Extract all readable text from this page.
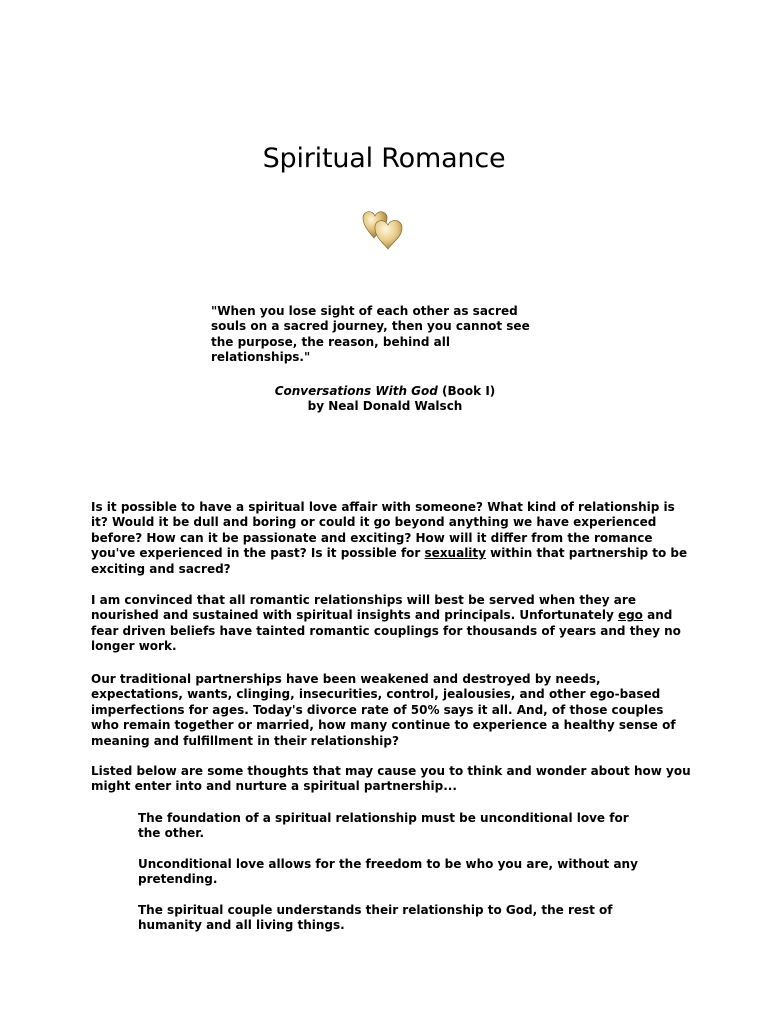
Spiritual Romance

"When you lose sight of each other as sacred souls on a sacred journey, then you cannot see the purpose, the reason, behind all relationships."

Conversations With God (Book I)
by Neal Donald Walsch

Is it possible to have a spiritual love affair with someone? What kind of relationship is it? Would it be dull and boring or could it go beyond anything we have experienced before? How can it be passionate and exciting? How will it differ from the romance you've experienced in the past? Is it possible for sexuality within that partnership to be exciting and sacred?

I am convinced that all romantic relationships will best be served when they are nourished and sustained with spiritual insights and principals. Unfortunately ego and fear driven beliefs have tainted romantic couplings for thousands of years and they no longer work.

Our traditional partnerships have been weakened and destroyed by needs, expectations, wants, clinging, insecurities, control, jealousies, and other ego-based imperfections for ages. Today's divorce rate of 50% says it all. And, of those couples who remain together or married, how many continue to experience a healthy sense of meaning and fulfillment in their relationship?

Listed below are some thoughts that may cause you to think and wonder about how you might enter into and nurture a spiritual partnership...

The foundation of a spiritual relationship must be unconditional love for the other.

Unconditional love allows for the freedom to be who you are, without any pretending.

The spiritual couple understands their relationship to God, the rest of humanity and all living things.
